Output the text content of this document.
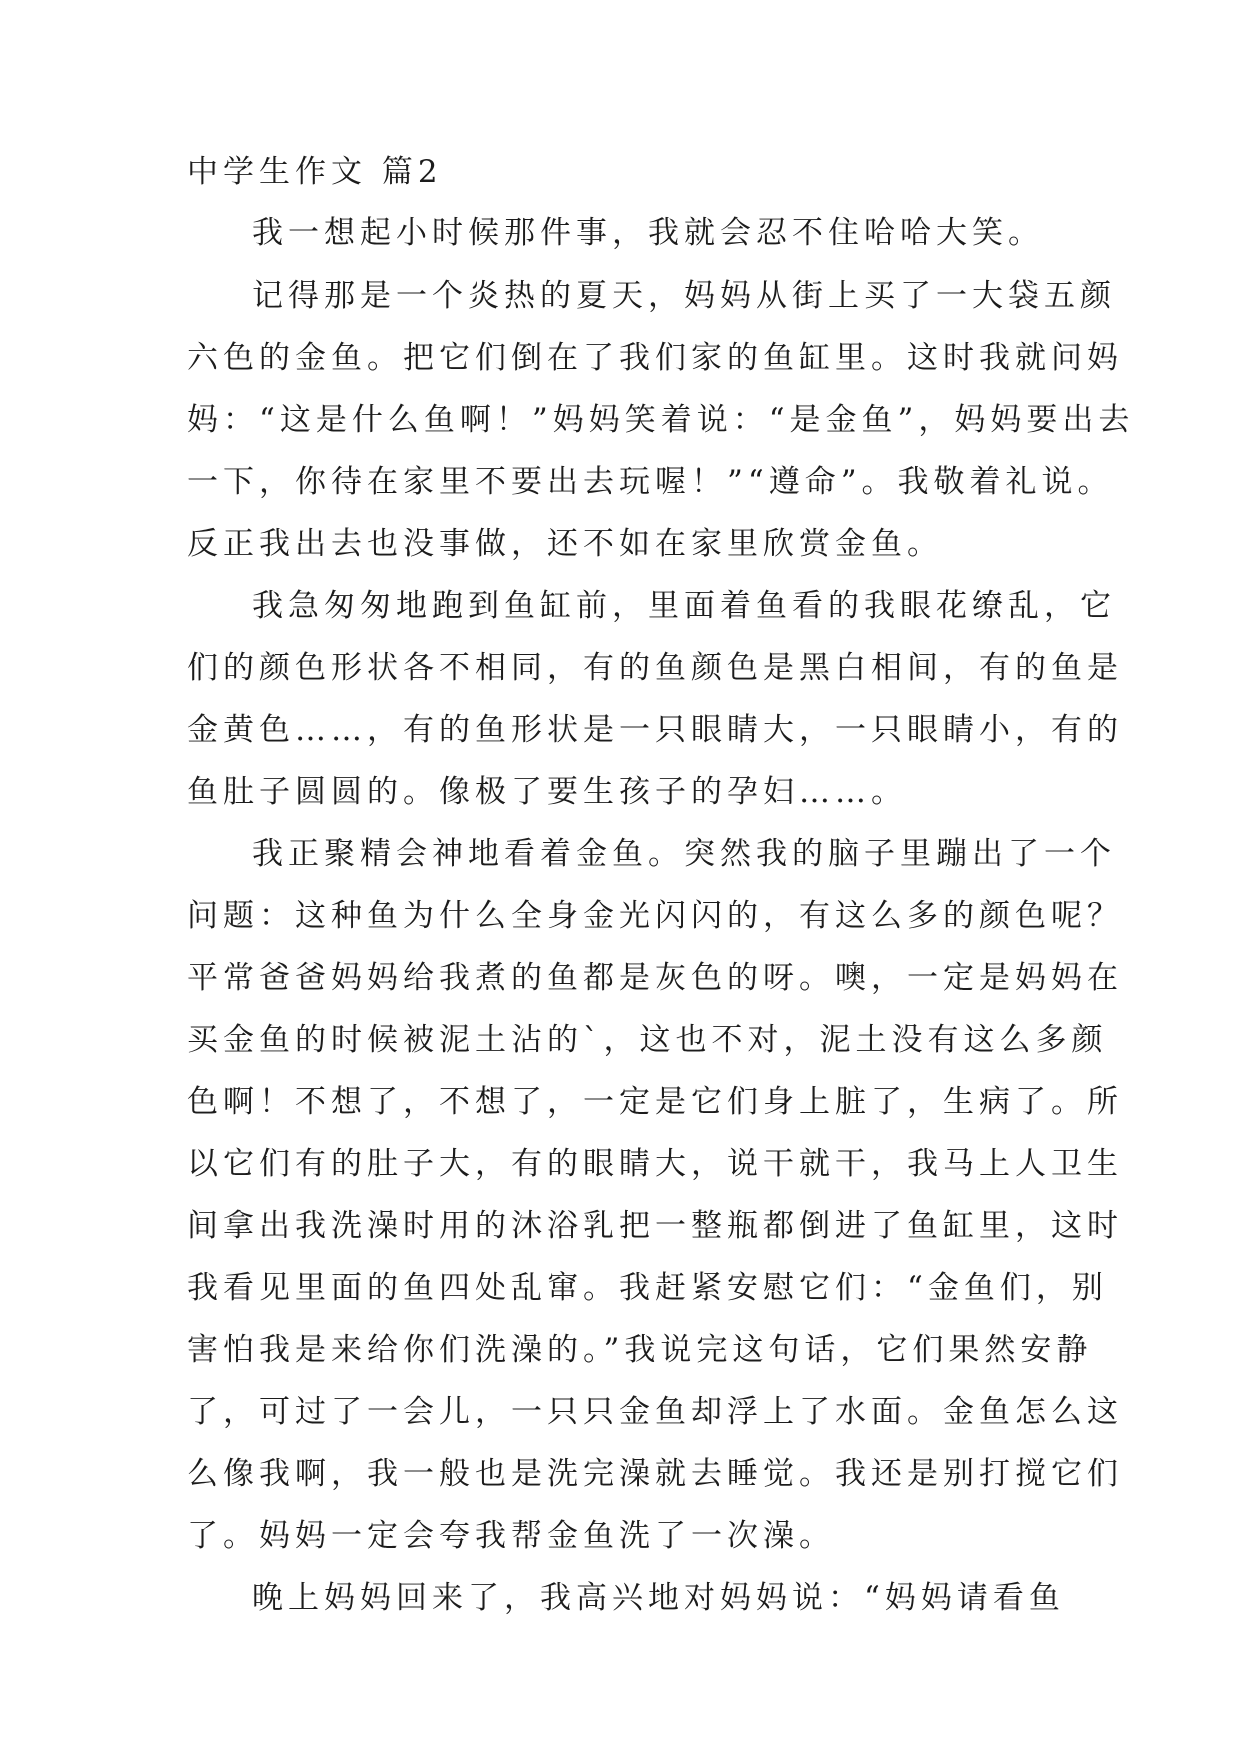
中学生作文 篇2

我一想起小时候那件事，我就会忍不住哈哈大笑。

记得那是一个炎热的夏天，妈妈从街上买了一大袋五颜

六色的金鱼。把它们倒在了我们家的鱼缸里。这时我就问妈

妈：“这是什么鱼啊！”妈妈笑着说：“是金鱼”，妈妈要出去

一下，你待在家里不要出去玩喔！”“遵命”。我敬着礼说。

反正我出去也没事做，还不如在家里欣赏金鱼。

我急匆匆地跑到鱼缸前，里面着鱼看的我眼花缭乱，它

们的颜色形状各不相同，有的鱼颜色是黑白相间，有的鱼是

金黄色……，有的鱼形状是一只眼睛大，一只眼睛小，有的

鱼肚子圆圆的。像极了要生孩子的孕妇……。

我正聚精会神地看着金鱼。突然我的脑子里蹦出了一个

问题：这种鱼为什么全身金光闪闪的，有这么多的颜色呢？

平常爸爸妈妈给我煮的鱼都是灰色的呀。噢，一定是妈妈在

买金鱼的时候被泥土沾的`，这也不对，泥土没有这么多颜

色啊！不想了，不想了，一定是它们身上脏了，生病了。所

以它们有的肚子大，有的眼睛大，说干就干，我马上人卫生

间拿出我洗澡时用的沐浴乳把一整瓶都倒进了鱼缸里，这时

我看见里面的鱼四处乱窜。我赶紧安慰它们：“金鱼们，别

害怕我是来给你们洗澡的。”我说完这句话，它们果然安静

了，可过了一会儿，一只只金鱼却浮上了水面。金鱼怎么这

么像我啊，我一般也是洗完澡就去睡觉。我还是别打搅它们

了。妈妈一定会夸我帮金鱼洗了一次澡。

晚上妈妈回来了，我高兴地对妈妈说：“妈妈请看鱼
